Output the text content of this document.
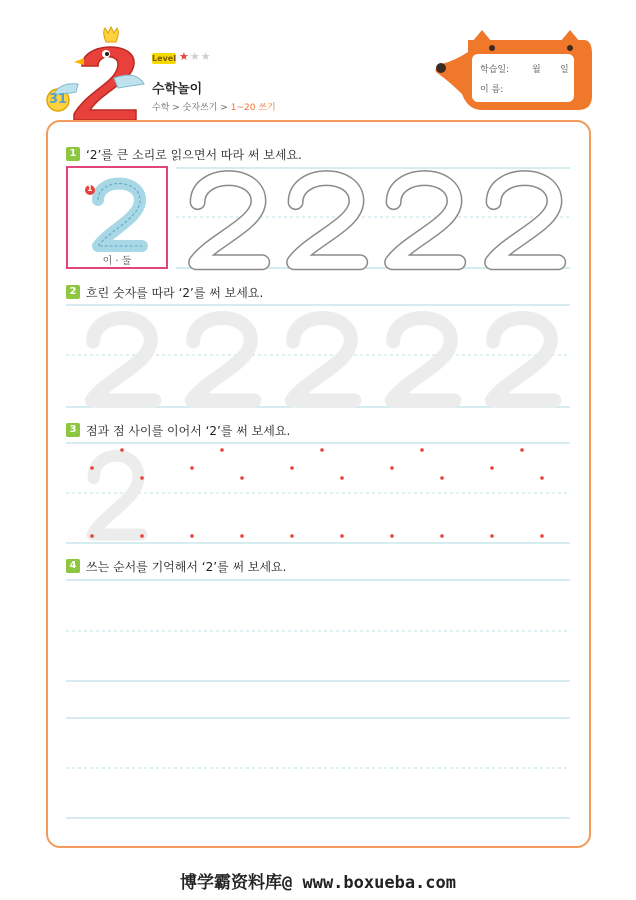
31
Level ★★★
수학놀이
수학 > 숫자쓰기 > 1~20 쓰기
학습일:	월 일
이 름:
1 ‘2’를 큰 소리로 읽으면서 따라 써 보세요.
1
이 · 둘
2 흐린 숫자를 따라 ‘2’를 써 보세요.
3 점과 점 사이를 이어서 ‘2’를 써 보세요.
4 쓰는 순서를 기억해서 ‘2’를 써 보세요.
博学霸资料库@ www.boxueba.com
